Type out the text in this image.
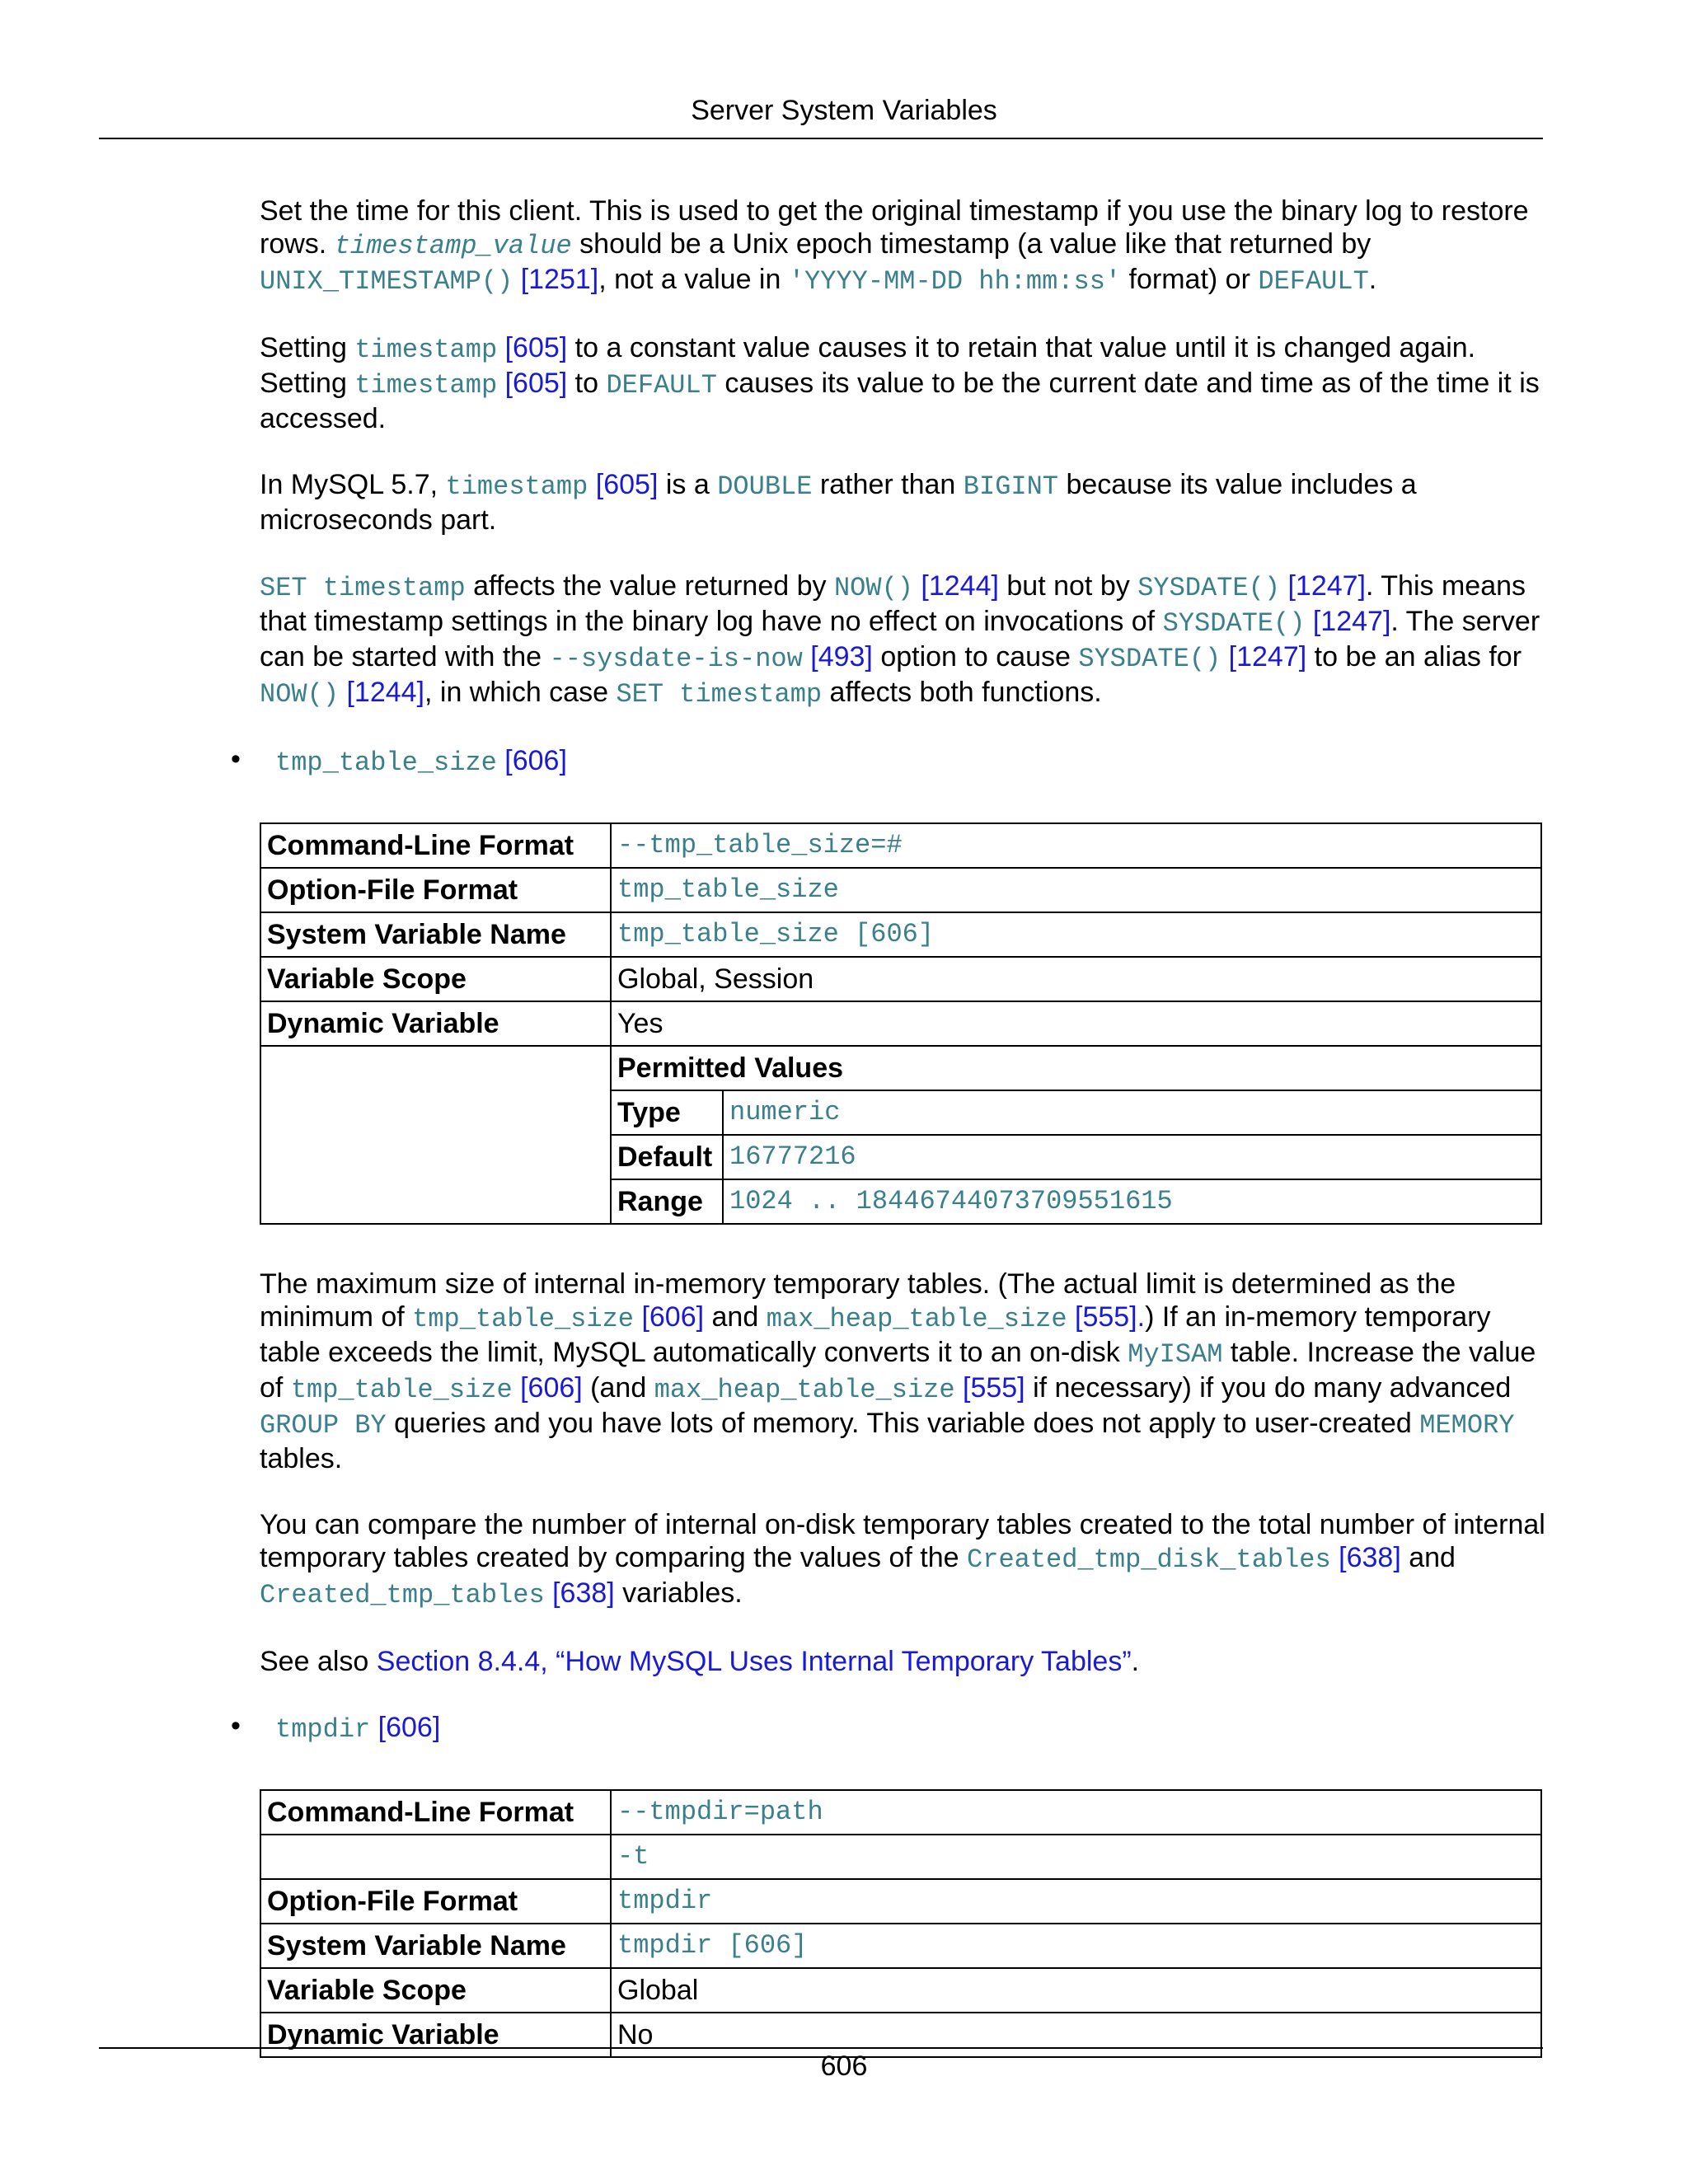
Server System Variables

Set the time for this client. This is used to get the original timestamp if you use the binary log to restore rows. timestamp_value should be a Unix epoch timestamp (a value like that returned by UNIX_TIMESTAMP() [1251], not a value in 'YYYY-MM-DD hh:mm:ss' format) or DEFAULT.

Setting timestamp [605] to a constant value causes it to retain that value until it is changed again. Setting timestamp [605] to DEFAULT causes its value to be the current date and time as of the time it is accessed.

In MySQL 5.7, timestamp [605] is a DOUBLE rather than BIGINT because its value includes a microseconds part.

SET timestamp affects the value returned by NOW() [1244] but not by SYSDATE() [1247]. This means that timestamp settings in the binary log have no effect on invocations of SYSDATE() [1247]. The server can be started with the --sysdate-is-now [493] option to cause SYSDATE() [1247] to be an alias for NOW() [1244], in which case SET timestamp affects both functions.

• tmp_table_size [606]
Command-Line Format	--tmp_table_size=#
Option-File Format	tmp_table_size
System Variable Name	tmp_table_size [606]
Variable Scope	Global, Session
Dynamic Variable	Yes

Permitted Values
Type	numeric
Default	16777216
Range	1024 .. 18446744073709551615

The maximum size of internal in-memory temporary tables. (The actual limit is determined as the minimum of tmp_table_size [606] and max_heap_table_size [555].) If an in-memory temporary table exceeds the limit, MySQL automatically converts it to an on-disk MyISAM table. Increase the value of tmp_table_size [606] (and max_heap_table_size [555] if necessary) if you do many advanced GROUP BY queries and you have lots of memory. This variable does not apply to user-created MEMORY tables.

You can compare the number of internal on-disk temporary tables created to the total number of internal temporary tables created by comparing the values of the Created_tmp_disk_tables [638] and Created_tmp_tables [638] variables.

See also Section 8.4.4, “How MySQL Uses Internal Temporary Tables”.

• tmpdir [606]
Command-Line Format	--tmpdir=path
	-t
Option-File Format	tmpdir
System Variable Name	tmpdir [606]
Variable Scope	Global
Dynamic Variable	No
606
